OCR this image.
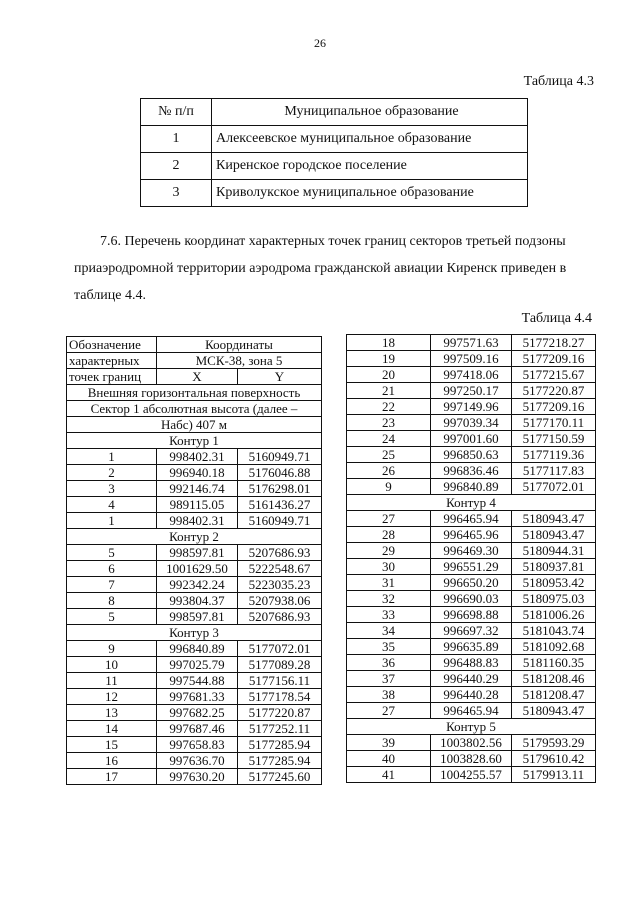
26
Таблица 4.3
№ п/п	Муниципальное образование
1	Алексеевское муниципальное образование
2	Киренское городское поселение
3	Криволукское муниципальное образование
7.6. Перечень координат характерных точек границ секторов третьей подзоны
приаэродромной территории аэродрома гражданской авиации Киренск приведен в
таблице 4.4.
Таблица 4.4
Обозначение	Координаты	
характерных	МСК-38, зона 5	
точек границ	X	Y
Внешняя горизонтальная поверхность		
Сектор 1 абсолютная высота (далее –		
Набс) 407 м		
Контур 1		
1	998402.31	5160949.71
2	996940.18	5176046.88
3	992146.74	5176298.01
4	989115.05	5161436.27
1	998402.31	5160949.71
Контур 2		
5	998597.81	5207686.93
6	1001629.50	5222548.67
7	992342.24	5223035.23
8	993804.37	5207938.06
5	998597.81	5207686.93
Контур 3		
9	996840.89	5177072.01
10	997025.79	5177089.28
11	997544.88	5177156.11
12	997681.33	5177178.54
13	997682.25	5177220.87
14	997687.46	5177252.11
15	997658.83	5177285.94
16	997636.70	5177285.94
17	997630.20	5177245.60
18	997571.63	5177218.27
19	997509.16	5177209.16
20	997418.06	5177215.67
21	997250.17	5177220.87
22	997149.96	5177209.16
23	997039.34	5177170.11
24	997001.60	5177150.59
25	996850.63	5177119.36
26	996836.46	5177117.83
9	996840.89	5177072.01
Контур 4		
27	996465.94	5180943.47
28	996465.96	5180943.47
29	996469.30	5180944.31
30	996551.29	5180937.81
31	996650.20	5180953.42
32	996690.03	5180975.03
33	996698.88	5181006.26
34	996697.32	5181043.74
35	996635.89	5181092.68
36	996488.83	5181160.35
37	996440.29	5181208.46
38	996440.28	5181208.47
27	996465.94	5180943.47
Контур 5		
39	1003802.56	5179593.29
40	1003828.60	5179610.42
41	1004255.57	5179913.11
